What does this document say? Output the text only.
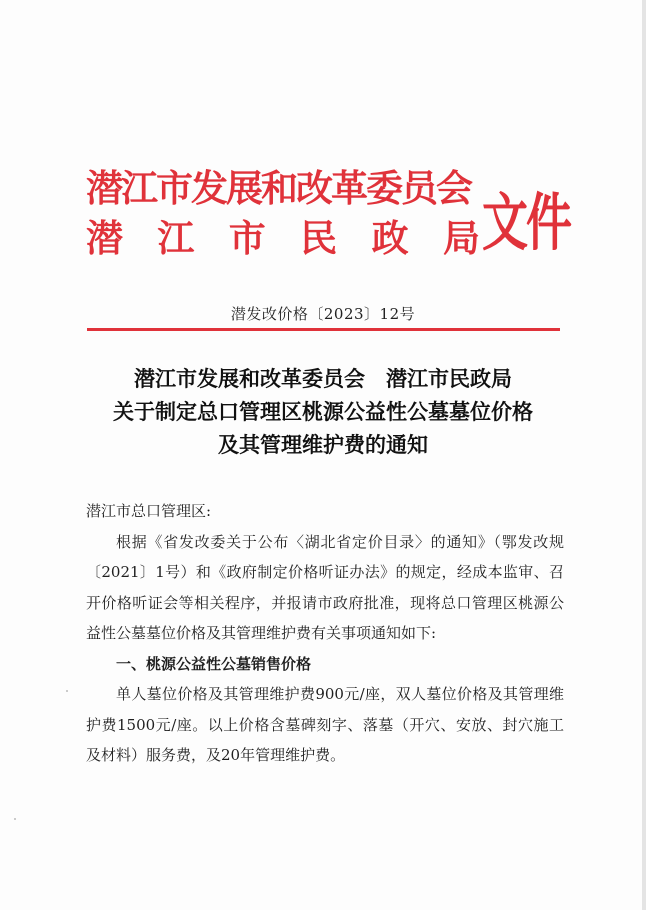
潜江市发展和改革委员会
潜 江 市 民 政 局 文件
潜发改价格〔2023〕12号
潜江市发展和改革委员会　潜江市民政局
关于制定总口管理区桃源公益性公墓墓位价格
及其管理维护费的通知

潜江市总口管理区:

根据《省发改委关于公布〈湖北省定价目录〉的通知》（鄂发改规〔2021〕1号）和《政府制定价格听证办法》的规定，经成本监审、召开价格听证会等相关程序，并报请市政府批准，现将总口管理区桃源公益性公墓墓位价格及其管理维护费有关事项通知如下:

一、桃源公益性公墓销售价格

单人墓位价格及其管理维护费900元/座，双人墓位价格及其管理维护费1500元/座。以上价格含墓碑刻字、落墓（开穴、安放、封穴施工及材料）服务费，及20年管理维护费。
